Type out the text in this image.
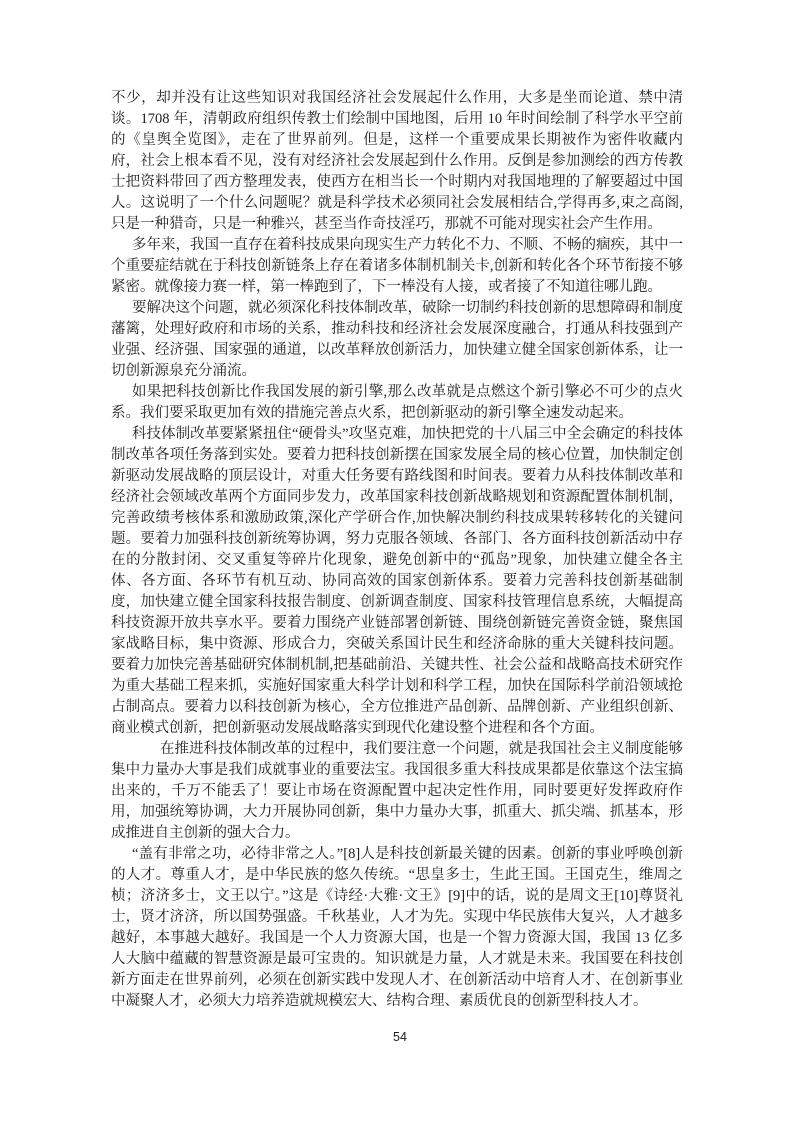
不少，却并没有让这些知识对我国经济社会发展起什么作用，大多是坐而论道、禁中清谈。1708 年，清朝政府组织传教士们绘制中国地图，后用 10 年时间绘制了科学水平空前的《皇舆全览图》，走在了世界前列。但是，这样一个重要成果长期被作为密件收藏内府，社会上根本看不见，没有对经济社会发展起到什么作用。反倒是参加测绘的西方传教士把资料带回了西方整理发表，使西方在相当长一个时期内对我国地理的了解要超过中国人。这说明了一个什么问题呢？就是科学技术必须同社会发展相结合,学得再多,束之高阁,只是一种猎奇，只是一种雅兴，甚至当作奇技淫巧，那就不可能对现实社会产生作用。

多年来，我国一直存在着科技成果向现实生产力转化不力、不顺、不畅的痼疾，其中一个重要症结就在于科技创新链条上存在着诸多体制机制关卡,创新和转化各个环节衔接不够紧密。就像接力赛一样，第一棒跑到了，下一棒没有人接，或者接了不知道往哪儿跑。

要解决这个问题，就必须深化科技体制改革，破除一切制约科技创新的思想障碍和制度藩篱，处理好政府和市场的关系，推动科技和经济社会发展深度融合，打通从科技强到产业强、经济强、国家强的通道，以改革释放创新活力，加快建立健全国家创新体系，让一切创新源泉充分涌流。

如果把科技创新比作我国发展的新引擎,那么改革就是点燃这个新引擎必不可少的点火系。我们要采取更加有效的措施完善点火系，把创新驱动的新引擎全速发动起来。

科技体制改革要紧紧扭住“硬骨头”攻坚克难，加快把党的十八届三中全会确定的科技体制改革各项任务落到实处。要着力把科技创新摆在国家发展全局的核心位置，加快制定创新驱动发展战略的顶层设计，对重大任务要有路线图和时间表。要着力从科技体制改革和经济社会领域改革两个方面同步发力，改革国家科技创新战略规划和资源配置体制机制，完善政绩考核体系和激励政策,深化产学研合作,加快解决制约科技成果转移转化的关键问题。要着力加强科技创新统筹协调，努力克服各领域、各部门、各方面科技创新活动中存在的分散封闭、交叉重复等碎片化现象，避免创新中的“孤岛”现象，加快建立健全各主体、各方面、各环节有机互动、协同高效的国家创新体系。要着力完善科技创新基础制度，加快建立健全国家科技报告制度、创新调查制度、国家科技管理信息系统，大幅提高科技资源开放共享水平。要着力围绕产业链部署创新链、围绕创新链完善资金链，聚焦国家战略目标，集中资源、形成合力，突破关系国计民生和经济命脉的重大关键科技问题。要着力加快完善基础研究体制机制,把基础前沿、关键共性、社会公益和战略高技术研究作为重大基础工程来抓，实施好国家重大科学计划和科学工程，加快在国际科学前沿领域抢占制高点。要着力以科技创新为核心，全方位推进产品创新、品牌创新、产业组织创新、商业模式创新，把创新驱动发展战略落实到现代化建设整个进程和各个方面。

在推进科技体制改革的过程中，我们要注意一个问题，就是我国社会主义制度能够集中力量办大事是我们成就事业的重要法宝。我国很多重大科技成果都是依靠这个法宝搞出来的，千万不能丢了！要让市场在资源配置中起决定性作用，同时要更好发挥政府作用，加强统筹协调，大力开展协同创新，集中力量办大事，抓重大、抓尖端、抓基本，形成推进自主创新的强大合力。

“盖有非常之功，必待非常之人。”[8]人是科技创新最关键的因素。创新的事业呼唤创新的人才。尊重人才，是中华民族的悠久传统。“思皇多士，生此王国。王国克生，维周之桢；济济多士，文王以宁。”这是《诗经·大雅·文王》[9]中的话，说的是周文王[10]尊贤礼士，贤才济济，所以国势强盛。千秋基业，人才为先。实现中华民族伟大复兴，人才越多越好，本事越大越好。我国是一个人力资源大国，也是一个智力资源大国，我国 13 亿多人大脑中蕴藏的智慧资源是最可宝贵的。知识就是力量，人才就是未来。我国要在科技创新方面走在世界前列，必须在创新实践中发现人才、在创新活动中培育人才、在创新事业中凝聚人才，必须大力培养造就规模宏大、结构合理、素质优良的创新型科技人才。

54
